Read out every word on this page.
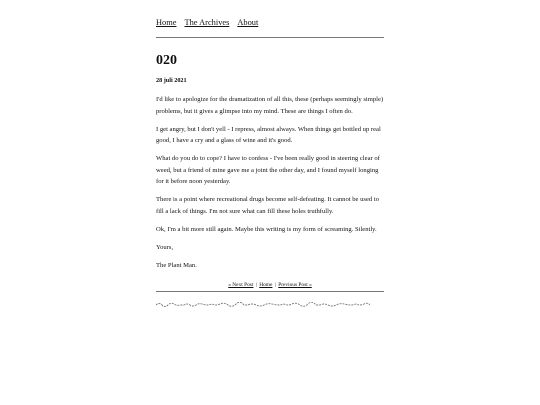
Home The Archives About
020
28 juli 2021

I'd like to apologize for the dramatization of all this, these (perhaps seemingly simple) problems, but it gives a glimpse into my mind. These are things I often do.

I get angry, but I don't yell - I repress, almost always. When things get bottled up real good, I have a cry and a glass of wine and it's good.

What do you do to cope? I have to confess - I've been really good in steering clear of weed, but a friend of mine gave me a joint the other day, and I found myself longing for it before noon yesterday.

There is a point where recreational drugs become self-defeating. It cannot be used to fill a lack of things. I'm not sure what can fill these holes truthfully.

Ok, I'm a bit more still again. Maybe this writing is my form of screaming. Silently.

Yours,

The Plant Man.

« Next Post | Home | Previous Post »
